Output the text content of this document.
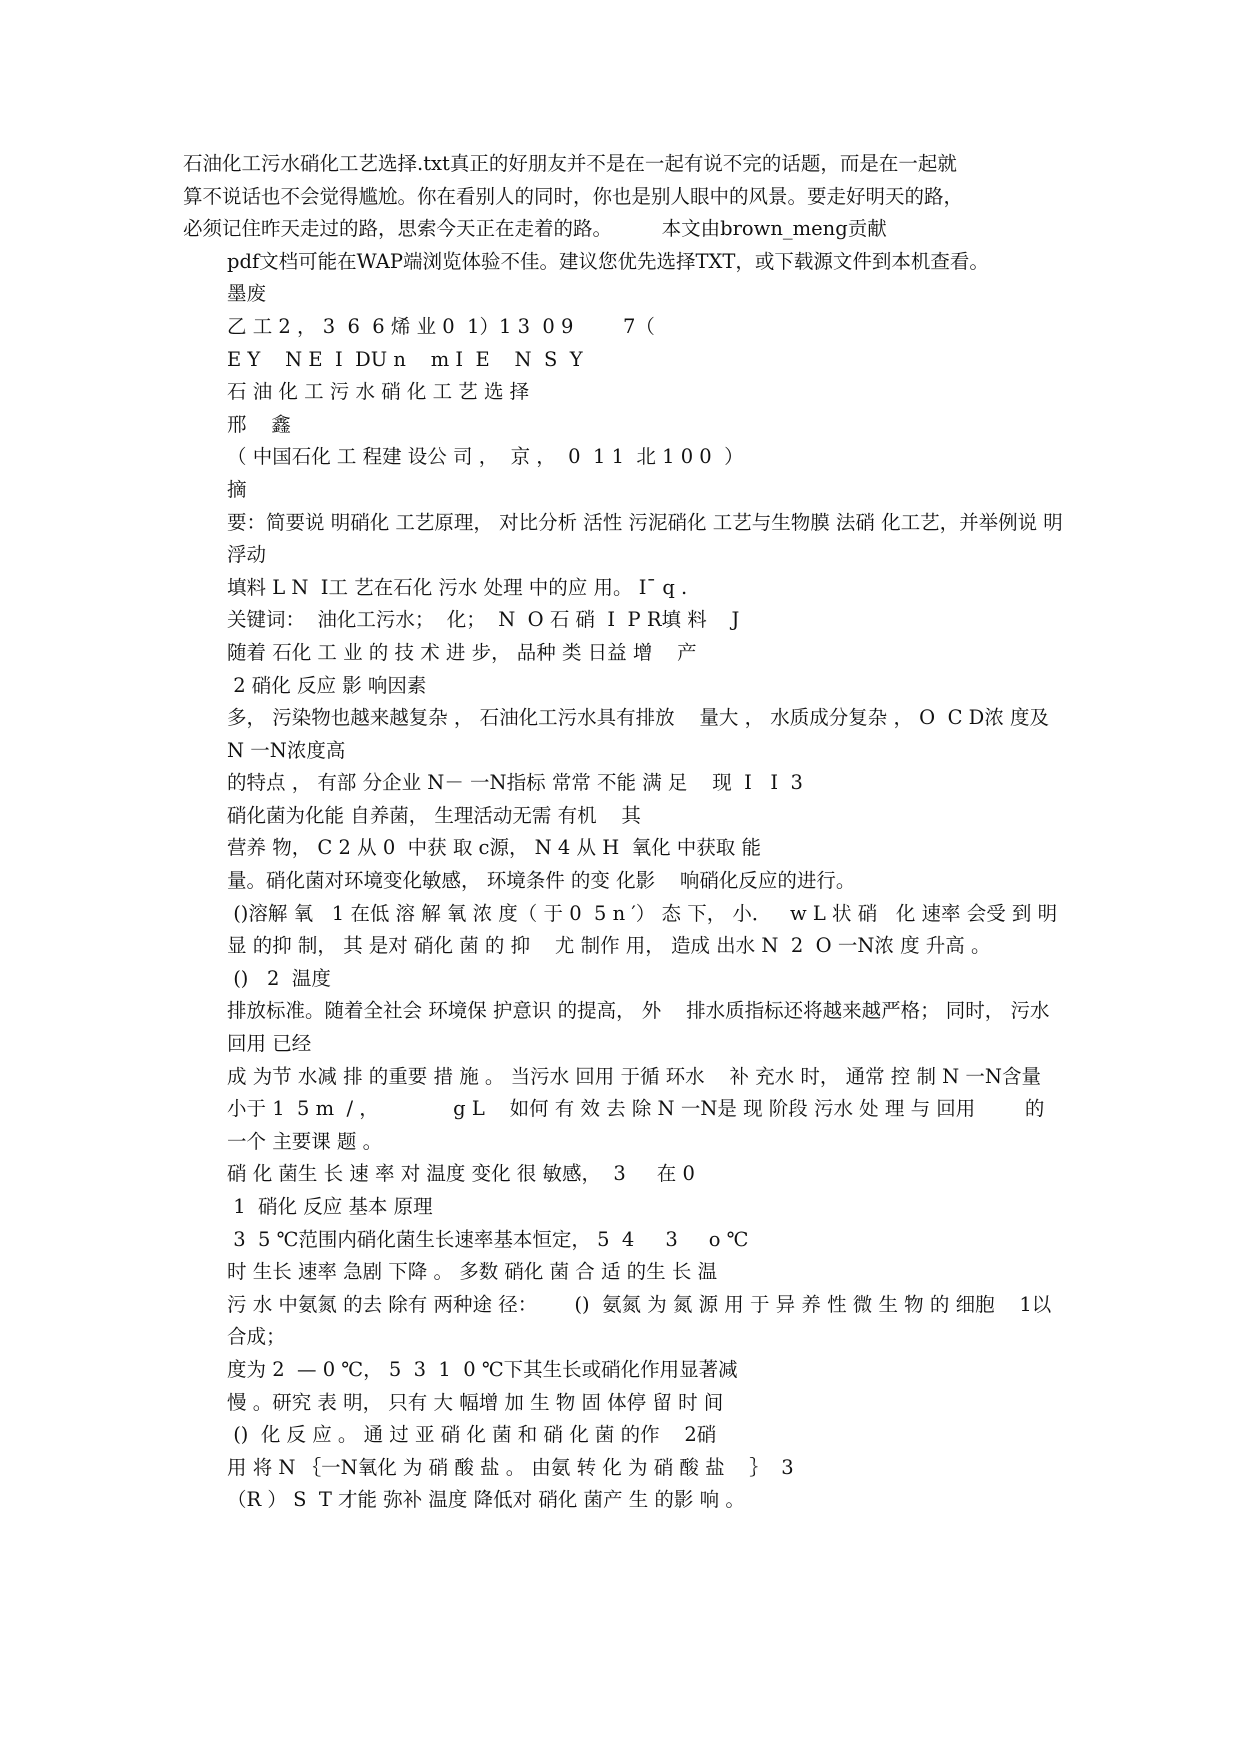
石油化工污水硝化工艺选择.txt真正的好朋友并不是在一起有说不完的话题，而是在一起就
算不说话也不会觉得尴尬。你在看别人的同时，你也是别人眼中的风景。要走好明天的路，
必须记住昨天走过的路，思索今天正在走着的路。        本文由brown_meng贡献
pdf文档可能在WAP端浏览体验不佳。建议您优先选择TXT，或下载源文件到本机查看。
墨废
乙 工 2 ， 3  6  6 烯 业 0  1）1 3  0 9        7（
E Y    N E  I  DU n    m I  E    N  S  Y
石 油 化 工 污 水 硝 化 工 艺 选 择
邢    鑫
（ 中国石化 工 程建 设公 司 ，  京 ，  0  1 1  北 1 0 0  ）
摘
要：简要说 明硝化 工艺原理， 对比分析 活性 污泥硝化 工艺与生物膜 法硝 化工艺，并举例说 明浮动
填料 L N  I工 艺在石化 污水 处理 中的应 用。 I¯ q .
关键词：  油化工污水；  化；  N  O 石 硝  I  P R填 料    J
随着 石化 工 业 的 技 术 进 步， 品种 类 日益 增    产
2 硝化 反应 影 响因素
多， 污染物也越来越复杂 ， 石油化工污水具有排放    量大 ， 水质成分复杂 ， O  C D浓 度及 N 一N浓度高
的特点 ， 有部 分企业 N－ 一N指标 常常 不能 满 足    现  I   I  3
硝化菌为化能 自养菌， 生理活动无需 有机    其
营养 物， C 2 从 0  中获 取 c源， N 4 从 H  氧化 中获取 能
量。硝化菌对环境变化敏感， 环境条件 的变 化影    响硝化反应的进行。
()溶解 氧   1 在低 溶 解 氧 浓 度（ 于 0  5 n ′） 态 下， 小．   w L 状 硝   化 速率 会受 到 明显 的抑 制， 其 是对 硝化 菌 的 抑    尤 制作 用， 造成 出水 N  2  O 一N浓 度 升高 。
()   2  温度
排放标准。随着全社会 环境保 护意识 的提高， 外    排水质指标还将越来越严格； 同时， 污水 回用 已经
成 为节 水减 排 的重要 措 施 。 当污水 回用 于循 环水    补 充水 时， 通常 控 制 N 一N含量 小于 1  5 m  / ，            g L    如何 有 效 去 除 N 一N是 现 阶段 污水 处 理 与 回用        的一个 主要课 题 。
硝 化 菌生 长 速 率 对 温度 变化 很 敏感，  3     在 0
1  硝化 反应 基本 原理
3  5 ℃范围内硝化菌生长速率基本恒定， 5  4     3     o ℃
时 生长 速率 急剧 下降 。 多数 硝化 菌 合 适 的生 长 温
污 水 中氨氮 的去 除有 两种途 径：      ()  氨氮 为 氮 源 用 于 异 养 性 微 生 物 的 细胞    1以
合成；
度为 2  — 0 ℃， 5  3  1  0 ℃下其生长或硝化作用显著减
慢 。研究 表 明， 只有 大 幅增 加 生 物 固 体停 留 时 间
()  化 反 应 。 通 过 亚 硝 化 菌 和 硝 化 菌 的作    2硝
用 将 N ｛一N氧化 为 硝 酸 盐 。 由氨 转 化 为 硝 酸 盐    ｝  3
（R ） S  T 才能 弥补 温度 降低对 硝化 菌产 生 的影 响 。
